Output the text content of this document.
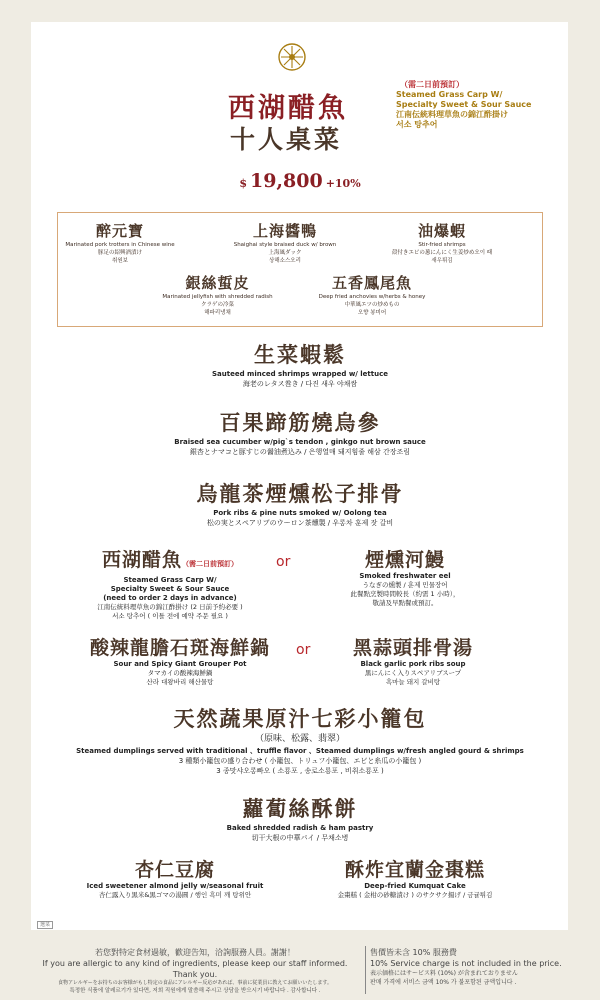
西湖醋魚
十人桌菜
（需二日前預訂）
Steamed Grass Carp W/
Specialty Sweet & Sour Sauce
江南伝統料理草魚の錦江酢掛け
서소 탕추어
$ 19,800 +10%
醉元寶
Marinated pork trotters in Chinese wine
豚足の紹興酒漬け
취원보
上海醬鴨
Shaighai style braised duck w/ brown
上海風ダック
상해소스오리
油爆蝦
Stir-fried shrimps
殻付きエビの葱にんにく生姜炒め오이 때
새우튀김
銀絲蜇皮
Marinated jellyfish with shredded radish
クラゲの冷菜
해파리냉채
五香鳳尾魚
Deep fried anchovies w/herbs & honey
中華風エツの炒めもの
오향 봉미어
生菜蝦鬆
Sauteed minced shrimps wrapped w/ lettuce
海老のレタス巻き / 다진 새우 야채쌈
百果蹄筋燒烏參
Braised sea cucumber w/pig`s tendon , ginkgo nut brown sauce
銀杏とナマコと豚すじの醤油煮込み / 은행열매 돼지힘줄 해삼 간장조림
烏龍茶煙燻松子排骨
Pork ribs & pine nuts smoked w/ Oolong tea
松の実とスペアリブのウーロン茶燻製 / 우롱차 훈제 잣 갈비
西湖醋魚（需二日前預訂）
Steamed Grass Carp W/
Specialty Sweet & Sour Sauce
(need to order 2 days in advance)
江南伝統料理草魚の錦江酢掛け (2 日前予約必要 )
서소 탕추어 ( 이틀 전에 예약 주문 필요 )
or	煙燻河鰻
Smoked freshwater eel
うなぎの燻製 / 훈제 민물장어
此餐點烹製時間較長（約需 1 小時），
敬請及早點餐或預訂。
酸辣龍膽石斑海鮮鍋
Sour and Spicy Giant Grouper Pot
タマカイの酸辣海鮮鍋
산라 대왕바리 해산물탕
or	黑蒜頭排骨湯
Black garlic pork ribs soup
黒にんにく入りスペアリブスープ
흑마늘 돼지 갈비탕
天然蔬果原汁七彩小籠包
（原味、松露、翡翠）
Steamed dumplings served with traditional 、truffle flavor 、Steamed dumplings w/fresh angled gourd & shrimps
3 種類小籠包の盛り合わせ ( 小籠包、トリュフ小籠包、エビと糸瓜の小籠包 )
3 종맛샤오롱빠오 ( 소룡포 , 송로소룡포 , 비취소룡포 )
蘿蔔絲酥餅
Baked shredded radish & ham pastry
切干大根の中華パイ / 무채소병
杏仁豆腐
Iced sweetener almond jelly w/seasonal fruit
杏仁露入り黒米&黒ゴマの湯圓 / 행인 흑미 깨 탕위안
酥炸宜蘭金棗糕
Deep-fried Kumquat Cake
金棗糕 ( 金柑の砂糖漬け ) のサクサク揚げ / 금귤튀김
選菜
若您對特定食材過敏，歡迎告知，洽詢服務人員。謝謝！
If you are allergic to any kind of ingredients, please keep our staff informed. Thank you.
食物アレルギーをお持ちのお客様がもし特定の食品にアレルギー反応があれば、事前に従業員に教えてお願いいたします。
특정한 식품에 알레르기가 있다면, 저희 직원에게 말씀해 주시고 상담을 받으시기 바랍니다 . 감사합니다 .
售價皆未含 10% 服務費
10% Service charge is not included in the price.
表示価格にはサービス料 (10%) が含まれておりません
판매 가격에 서비스 금액 10% 가 불포함된 금액입니다 .
